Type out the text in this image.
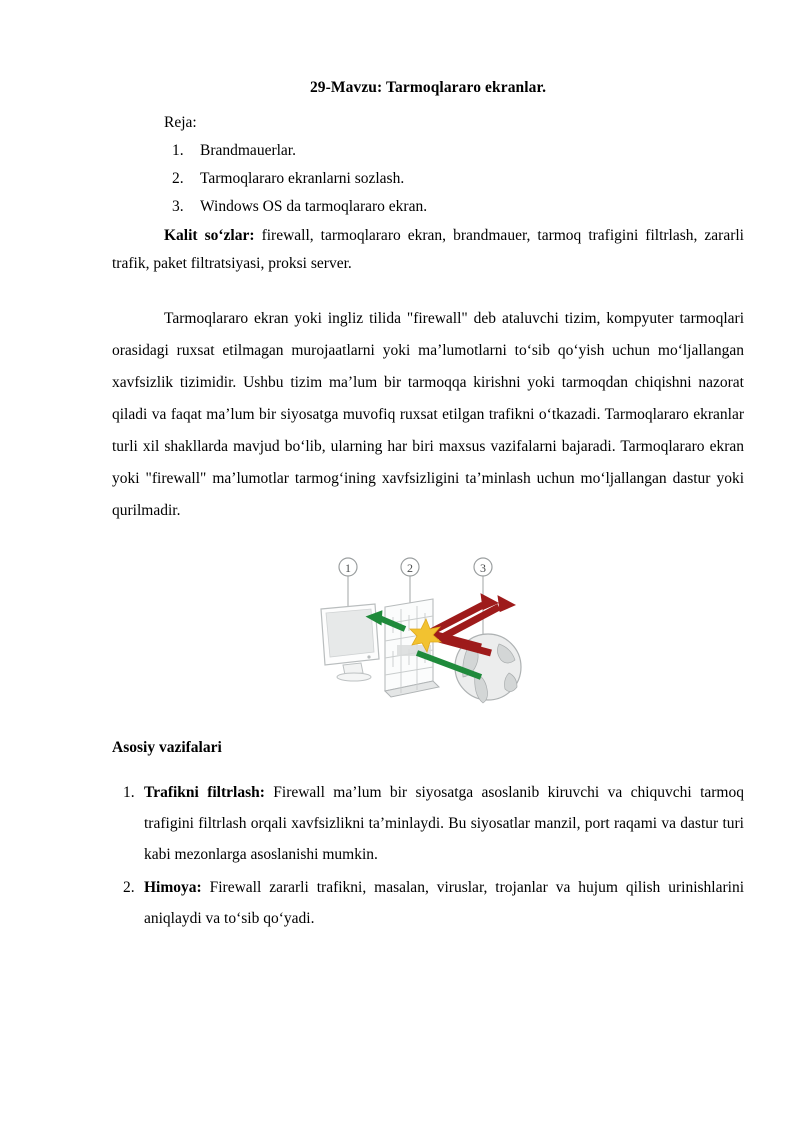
29-Mavzu: Tarmoqlararo ekranlar.

Reja:

1. Brandmauerlar.
2. Tarmoqlararo ekranlarni sozlash.
3. Windows OS da tarmoqlararo ekran.

Kalit so‘zlar: firewall, tarmoqlararo ekran, brandmauer, tarmoq trafigini filtrlash, zararli trafik, paket filtratsiyasi, proksi server.

Tarmoqlararo ekran yoki ingliz tilida "firewall" deb ataluvchi tizim, kompyuter tarmoqlari orasidagi ruxsat etilmagan murojaatlarni yoki ma’lumotlarni to‘sib qo‘yish uchun mo‘ljallangan xavfsizlik tizimidir. Ushbu tizim ma’lum bir tarmoqqa kirishni yoki tarmoqdan chiqishni nazorat qiladi va faqat ma’lum bir siyosatga muvofiq ruxsat etilgan trafikni o‘tkazadi. Tarmoqlararo ekranlar turli xil shakllarda mavjud bo‘lib, ularning har biri maxsus vazifalarni bajaradi. Tarmoqlararo ekran yoki "firewall" ma’lumotlar tarmog‘ining xavfsizligini ta’minlash uchun mo‘ljallangan dastur yoki qurilmadir.

1	2	3

Asosiy vazifalari

1. Trafikni filtrlash: Firewall ma’lum bir siyosatga asoslanib kiruvchi va chiquvchi tarmoq trafigini filtrlash orqali xavfsizlikni ta’minlaydi. Bu siyosatlar manzil, port raqami va dastur turi kabi mezonlarga asoslanishi mumkin.
2. Himoya: Firewall zararli trafikni, masalan, viruslar, trojanlar va hujum qilish urinishlarini aniqlaydi va to‘sib qo‘yadi.
